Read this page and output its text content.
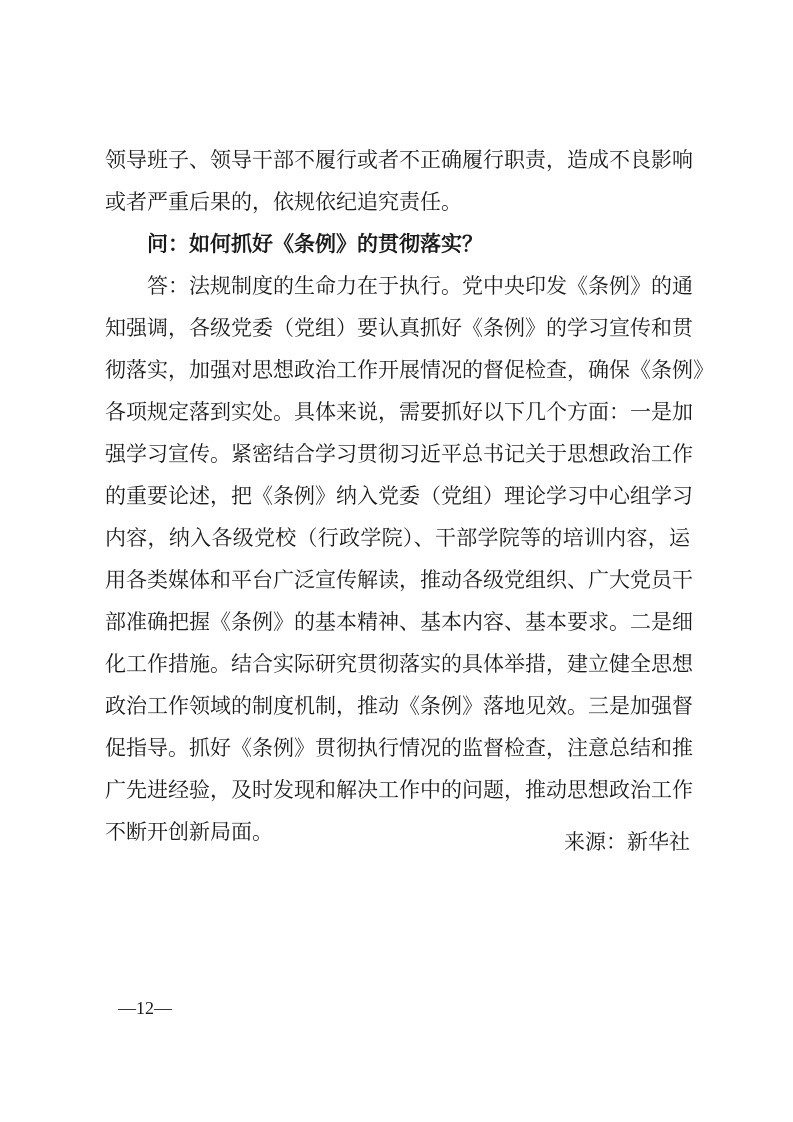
领导班子、领导干部不履行或者不正确履行职责，造成不良影响
或者严重后果的，依规依纪追究责任。
问：如何抓好《条例》的贯彻落实？
答：法规制度的生命力在于执行。党中央印发《条例》的通
知强调，各级党委（党组）要认真抓好《条例》的学习宣传和贯
彻落实，加强对思想政治工作开展情况的督促检查，确保《条例》
各项规定落到实处。具体来说，需要抓好以下几个方面：一是加
强学习宣传。紧密结合学习贯彻习近平总书记关于思想政治工作
的重要论述，把《条例》纳入党委（党组）理论学习中心组学习
内容，纳入各级党校（行政学院）、干部学院等的培训内容，运
用各类媒体和平台广泛宣传解读，推动各级党组织、广大党员干
部准确把握《条例》的基本精神、基本内容、基本要求。二是细
化工作措施。结合实际研究贯彻落实的具体举措，建立健全思想
政治工作领域的制度机制，推动《条例》落地见效。三是加强督
促指导。抓好《条例》贯彻执行情况的监督检查，注意总结和推
广先进经验，及时发现和解决工作中的问题，推动思想政治工作
不断开创新局面。	来源：新华社
—12—
